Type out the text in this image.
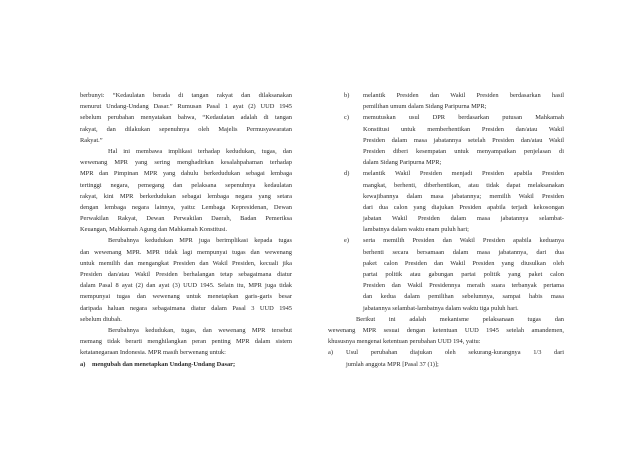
berbunyi: “Kedaulatan berada di tangan rakyat dan dilaksanakan
menurut Undang-Undang Dasar.” Rumusan Pasal 1 ayat (2) UUD 1945
sebelum perubahan menyatakan bahwa, “Kedaulatan adalah di tangan
rakyat, dan dilakukan sepenuhnya oleh Majelis Permusyawaratan
Rakyat.”
Hal ini membawa implikasi terhadap kedudukan, tugas, dan
wewenang MPR yang sering menghadirkan kesalahpahaman terhadap
MPR dan Pimpinan MPR yang dahulu berkedudukan sebagai lembaga
tertinggi negara, pemegang dan pelaksana sepenuhnya kedaulatan
rakyat, kini MPR berkedudukan sebagai lembaga negara yang setara
dengan lembaga negara lainnya, yaitu: Lembaga Kepresidenan, Dewan
Perwakilan Rakyat, Dewan Perwakilan Daerah, Badan Pemeriksa
Keuangan, Mahkamah Agung dan Mahkamah Konstitusi.
Berubahnya kedudukan MPR juga berimplikasi kepada tugas
dan wewenang MPR. MPR tidak lagi mempunyai tugas dan wewenang
untuk memilih dan mengangkat Presiden dan Wakil Presiden, kecuali jika
Presiden dan/atau Wakil Presiden berhalangan tetap sebagaimana diatur
dalam Pasal 8 ayat (2) dan ayat (3) UUD 1945. Selain itu, MPR juga tidak
mempunyai tugas dan wewenang untuk menetapkan garis-garis besar
daripada haluan negara sebagaimana diatur dalam Pasal 3 UUD 1945
sebelum diubah.
Berubahnya kedudukan, tugas, dan wewenang MPR tersebut
memang tidak berarti menghilangkan peran penting MPR dalam sistem
ketatanegaraan Indonesia. MPR masih berwenang untuk:
a) mengubah dan menetapkan Undang-Undang Dasar;
b) melantik Presiden dan Wakil Presiden berdasarkan hasil
pemilihan umum dalam Sidang Paripurna MPR;
c) memutuskan usul DPR berdasarkan putusan Mahkamah
Konstitusi untuk memberhentikan Presiden dan/atau Wakil
Presiden dalam masa jabatannya setelah Presiden dan/atau Wakil
Presiden diberi kesempatan untuk menyampaikan penjelasan di
dalam Sidang Paripurna MPR;
d) melantik Wakil Presiden menjadi Presiden apabila Presiden
mangkat, berhenti, diberhentikan, atau tidak dapat melaksanakan
kewajibannya dalam masa jabatannya; memilih Wakil Presiden
dari dua calon yang diajukan Presiden apabila terjadi kekosongan
jabatan Wakil Presiden dalam masa jabatannya selambat-
lambatnya dalam waktu enam puluh hari;
e) serta memilih Presiden dan Wakil Presiden apabila keduanya
berhenti secara bersamaan dalam masa jabatannya, dari dua
paket calon Presiden dan Wakil Presiden yang diusulkan oleh
partai politik atau gabungan partai politik yang paket calon
Presiden dan Wakil Presidennya meraih suara terbanyak pertama
dan kedua dalam pemilihan sebelumnya, sampai habis masa
jabatannya selambat-lambatnya dalam waktu tiga puluh hari.
Berikut ini adalah mekanisme pelaksanaan tugas dan
wewenang MPR sesuai dengan ketentuan UUD 1945 setelah amandemen,
khususnya mengenai ketentuan perubahan UUD 194, yaitu:
a) Usul perubahan diajukan oleh sekurang-kurangnya 1/3 dari
jumlah anggota MPR [Pasal 37 (1)];
